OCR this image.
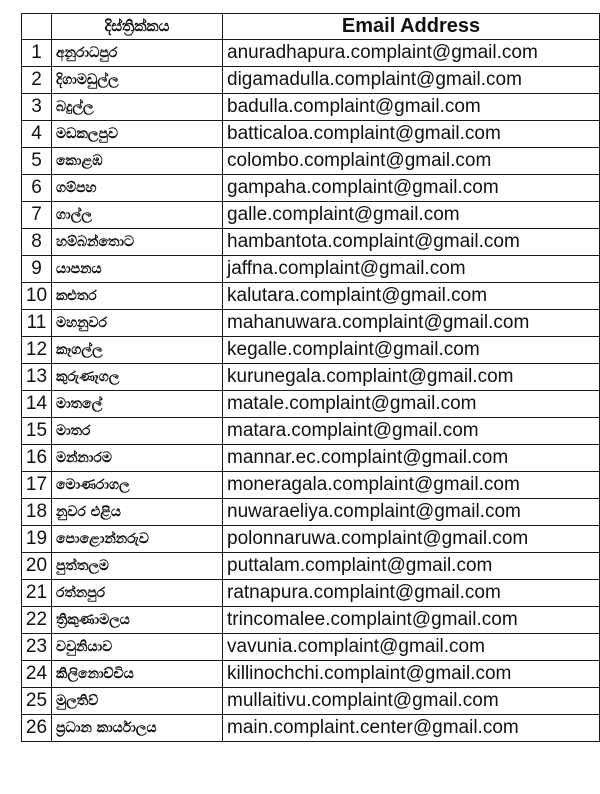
	දිස්ත්‍රික්කය	Email Address
1	අනුරාධපුර	anuradhapura.complaint@gmail.com
2	දිගාමඩුල්ල	digamadulla.complaint@gmail.com
3	බදුල්ල	badulla.complaint@gmail.com
4	මඩකලපුව	batticaloa.complaint@gmail.com
5	කොළඹ	colombo.complaint@gmail.com
6	ගම්පහ	gampaha.complaint@gmail.com
7	ගාල්ල	galle.complaint@gmail.com
8	හම්බන්තොට	hambantota.complaint@gmail.com
9	යාපනය	jaffna.complaint@gmail.com
10	කළුතර	kalutara.complaint@gmail.com
11	මහනුවර	mahanuwara.complaint@gmail.com
12	කෑගල්ල	kegalle.complaint@gmail.com
13	කුරුණෑගල	kurunegala.complaint@gmail.com
14	මාතලේ	matale.complaint@gmail.com
15	මාතර	matara.complaint@gmail.com
16	මන්නාරම	mannar.ec.complaint@gmail.com
17	මොණරාගල	moneragala.complaint@gmail.com
18	නුවර එළිය	nuwaraeliya.complaint@gmail.com
19	පොළොන්නරුව	polonnaruwa.complaint@gmail.com
20	පුත්තලම	puttalam.complaint@gmail.com
21	රත්නපුර	ratnapura.complaint@gmail.com
22	ත්‍රිකුණාමලය	trincomalee.complaint@gmail.com
23	වවුනියාව	vavunia.complaint@gmail.com
24	කිලිනොච්චිය	killinochchi.complaint@gmail.com
25	මුලතිව්	mullaitivu.complaint@gmail.com
26	ප්‍රධාන කාර්යාලය	main.complaint.center@gmail.com
